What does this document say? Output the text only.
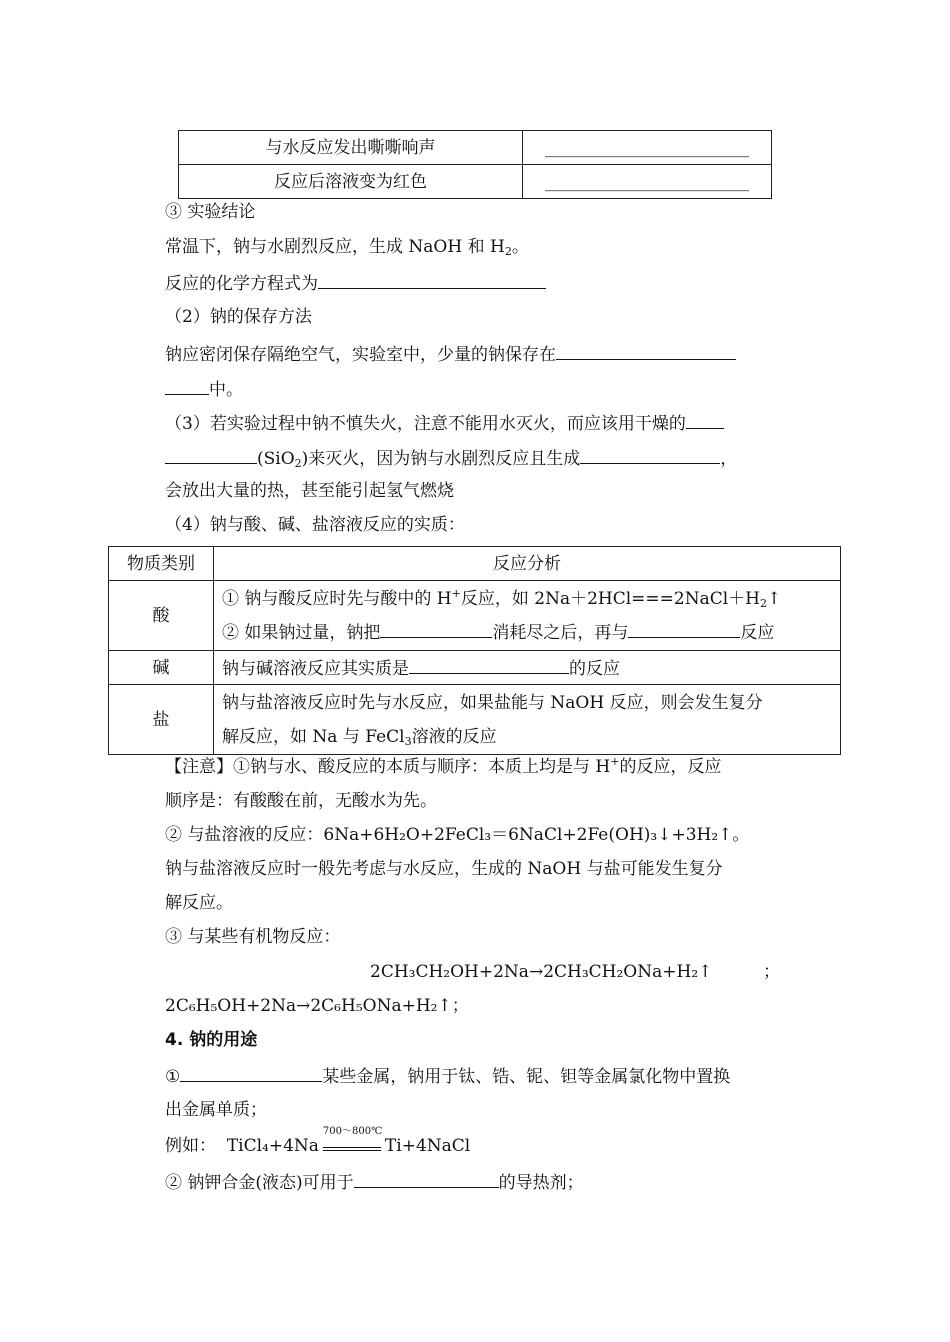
与水反应发出嘶嘶响声	________________________
反应后溶液变为红色	________________________
③ 实验结论
常温下，钠与水剧烈反应，生成 NaOH 和 $H_2$。
反应的化学方程式为
（2）钠的保存方法
钠应密闭保存隔绝空气，实验室中，少量的钠保存在
中。
（3）若实验过程中钠不慎失火，注意不能用水灭火，而应该用干燥的
(SiO$_2$)来灭火，因为钠与水剧烈反应且生成	，
会放出大量的热，甚至能引起氢气燃烧
（4）钠与酸、碱、盐溶液反应的实质：
物质类别	反应分析
酸	① 钠与酸反应时先与酸中的 H+反应，如 $2Na+2HCl===2NaCl+H_2↑$
② 如果钠过量，钠把 消耗尽之后，再与 反应

碱	钠与碱溶液反应其实质是 的反应
盐	钠与盐溶液反应时先与水反应，如果盐能与 NaOH 反应，则会发生复分
解反应，如 Na 与 FeCl$_3$溶液的反应
【注意】①钠与水、酸反应的本质与顺序：本质上均是与 H+的反应，反应
顺序是：有酸酸在前，无酸水为先。
② 与盐溶液的反应：6Na+6H₂O+2FeCl₃＝6NaCl+2Fe(OH)₃↓+3H₂↑。
钠与盐溶液反应时一般先考虑与水反应，生成的 NaOH 与盐可能发生复分
解反应。
③ 与某些有机物反应：
2CH₃CH₂OH+2Na→2CH₃CH₂ONa+H₂↑	；
2C₆H₅OH+2Na→2C₆H₅ONa+H₂↑；
4. 钠的用途
①	某些金属，钠用于钛、锆、铌、钽等金属氯化物中置换
出金属单质；
例如： TiCl₄+4Na
700～800℃
Ti+4NaCl
② 钠钾合金(液态)可用于	的导热剂；
